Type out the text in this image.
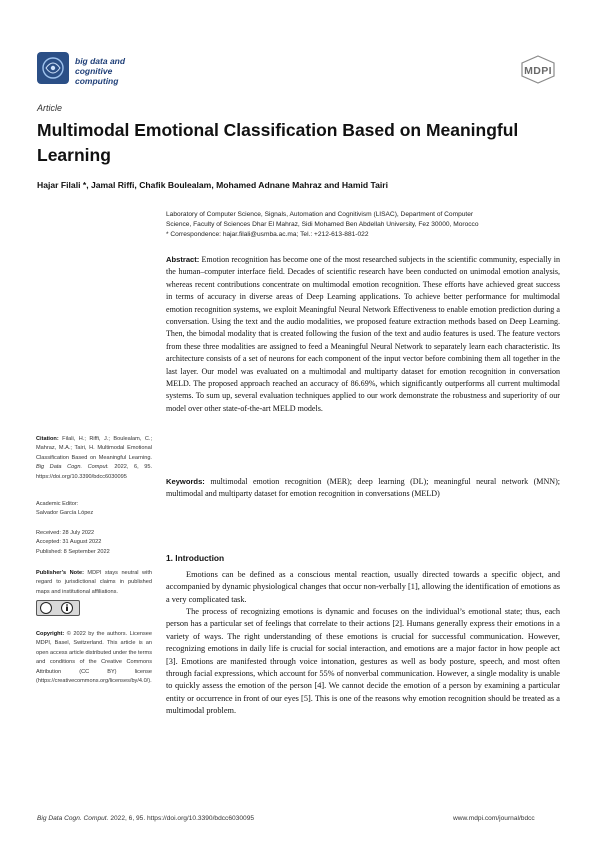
big data and
cognitive computing
MDPI
Article
Multimodal Emotional Classification Based on Meaningful Learning
Hajar Filali *, Jamal Riffi, Chafik Boulealam, Mohamed Adnane Mahraz and Hamid Tairi
Laboratory of Computer Science, Signals, Automation and Cognitivism (LISAC), Department of Computer
Science, Faculty of Sciences Dhar El Mahraz, Sidi Mohamed Ben Abdellah University, Fez 30000, Morocco
* Correspondence: hajar.filali@usmba.ac.ma; Tel.: +212-613-881-022
Abstract: Emotion recognition has become one of the most researched subjects in the scientific community, especially in the human–computer interface field. Decades of scientific research have been conducted on unimodal emotion analysis, whereas recent contributions concentrate on multimodal emotion recognition. These efforts have achieved great success in terms of accuracy in diverse areas of Deep Learning applications. To achieve better performance for multimodal emotion recognition systems, we exploit Meaningful Neural Network Effectiveness to enable emotion prediction during a conversation. Using the text and the audio modalities, we proposed feature extraction methods based on Deep Learning. Then, the bimodal modality that is created following the fusion of the text and audio features is used. The feature vectors from these three modalities are assigned to feed a Meaningful Neural Network to separately learn each characteristic. Its architecture consists of a set of neurons for each component of the input vector before combining them all together in the last layer. Our model was evaluated on a multimodal and multiparty dataset for emotion recognition in conversation MELD. The proposed approach reached an accuracy of 86.69%, which significantly outperforms all current multimodal systems. To sum up, several evaluation techniques applied to our work demonstrate the robustness and superiority of our model over other state-of-the-art MELD models.
Keywords: multimodal emotion recognition (MER); deep learning (DL); meaningful neural network (MNN); multimodal and multiparty dataset for emotion recognition in conversations (MELD)
1. Introduction
Emotions can be defined as a conscious mental reaction, usually directed towards a specific object, and accompanied by dynamic physiological changes that occur non-verbally [1], allowing the identification of emotions as a very complicated task.
The process of recognizing emotions is dynamic and focuses on the individual’s emotional state; thus, each person has a particular set of feelings that correlate to their actions [2]. Humans generally express their emotions in a variety of ways. The right understanding of these emotions is crucial for successful communication. However, recognizing emotions in daily life is crucial for social interaction, and emotions are a major factor in how people act [3]. Emotions are manifested through voice intonation, gestures as well as body posture, speech, and most often through facial expressions, which account for 55% of nonverbal communication. However, a single modality is unable to quickly assess the emotion of the person [4]. We cannot decide the emotion of a person by examining a particular entity or occurrence in front of our eyes [5]. This is one of the reasons why emotion recognition should be treated as a multimodal problem.
Citation: Filali, H.; Riffi, J.; Boulealam, C.; Mahraz, M.A.; Tairi, H. Multimodal Emotional Classification Based on Meaningful Learning. Big Data Cogn. Comput. 2022, 6, 95. https://doi.org/10.3390/bdcc6030095
Academic Editor:
Salvador García López
Received: 28 July 2022
Accepted: 31 August 2022
Published: 8 September 2022
Publisher’s Note: MDPI stays neutral with regard to jurisdictional claims in published maps and institutional affiliations.
Copyright: © 2022 by the authors. Licensee MDPI, Basel, Switzerland. This article is an open access article distributed under the terms and conditions of the Creative Commons Attribution (CC BY) license (https://creativecommons.org/licenses/by/4.0/).
Big Data Cogn. Comput. 2022, 6, 95. https://doi.org/10.3390/bdcc6030095	www.mdpi.com/journal/bdcc
